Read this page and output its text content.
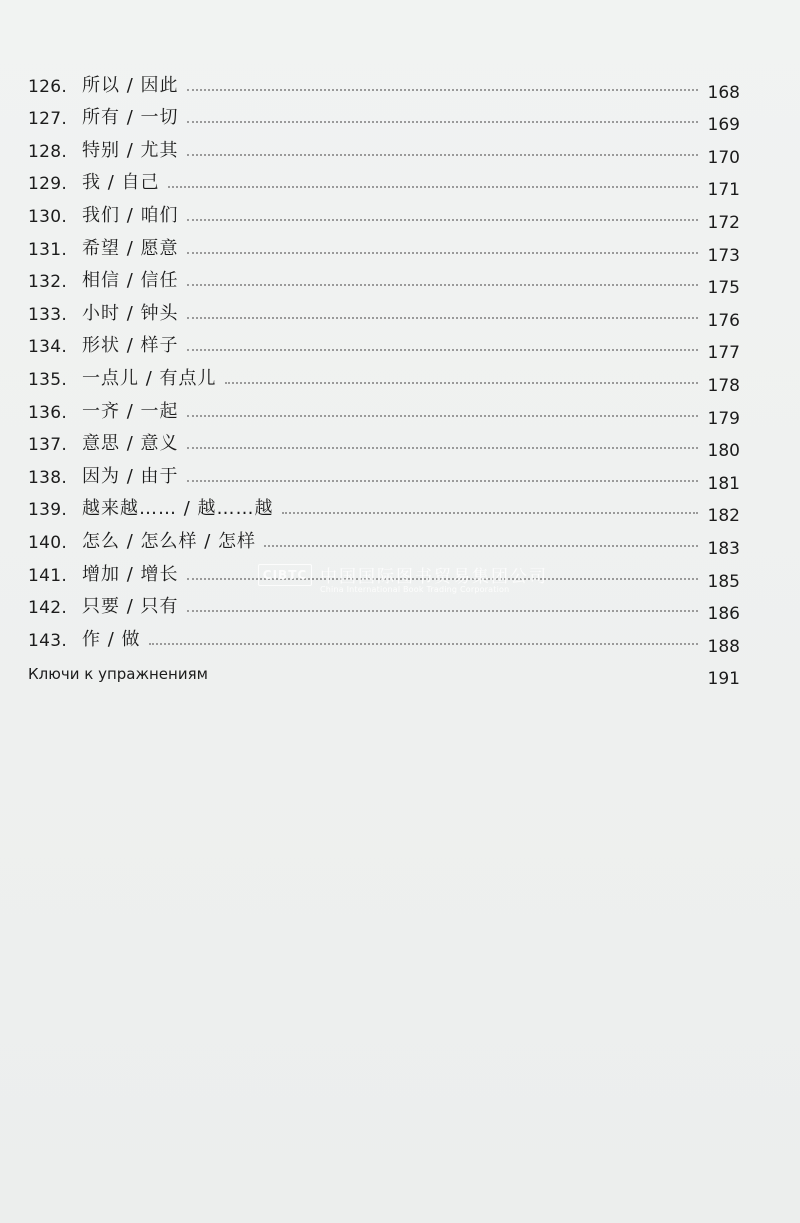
126. 所以 / 因此	168
127. 所有 / 一切	169
128. 特别 / 尤其	170
129. 我 / 自己	171
130. 我们 / 咱们	172
131. 希望 / 愿意	173
132. 相信 / 信任	175
133. 小时 / 钟头	176
134. 形状 / 样子	177
135. 一点儿 / 有点儿	178
136. 一齐 / 一起	179
137. 意思 / 意义	180
138. 因为 / 由于	181
139. 越来越…… / 越……越	182
140. 怎么 / 怎么样 / 怎样	183
141. 增加 / 增长	185
142. 只要 / 只有	186
143. 作 / 做	188
Ключи к упражнениям	191
CIBTC 中国国际图书贸易集团公司
China International Book Trading Corporation
